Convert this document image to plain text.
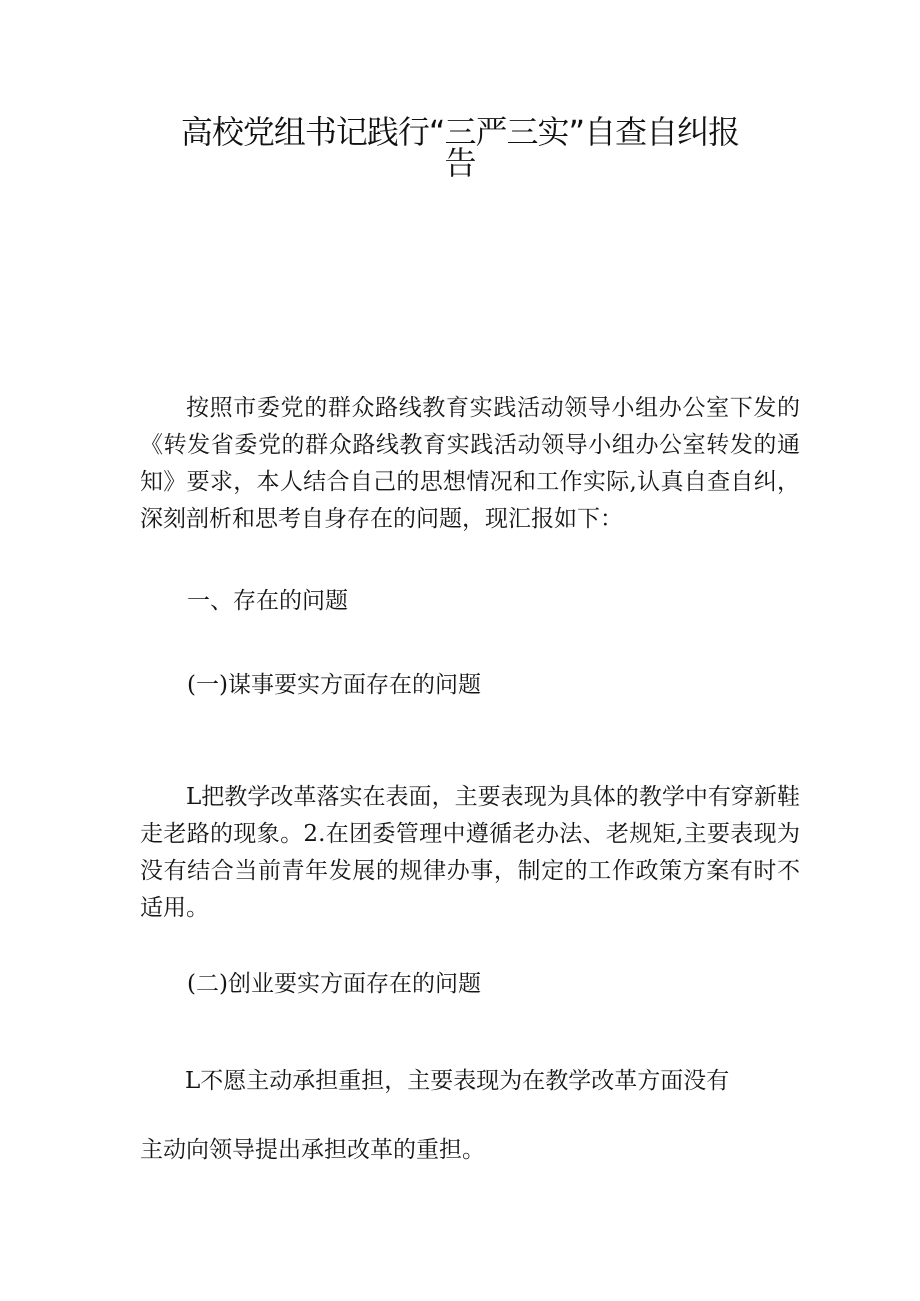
高校党组书记践行“三严三实”自查自纠报
告

按照市委党的群众路线教育实践活动领导小组办公室下发的《转发省委党的群众路线教育实践活动领导小组办公室转发的通知》要求，本人结合自己的思想情况和工作实际,认真自查自纠，深刻剖析和思考自身存在的问题，现汇报如下：

一、存在的问题
(一)谋事要实方面存在的问题

L把教学改革落实在表面，主要表现为具体的教学中有穿新鞋走老路的现象。2.在团委管理中遵循老办法、老规矩,主要表现为没有结合当前青年发展的规律办事，制定的工作政策方案有时不适用。

(二)创业要实方面存在的问题
L不愿主动承担重担，主要表现为在教学改革方面没有
主动向领导提出承担改革的重担。
